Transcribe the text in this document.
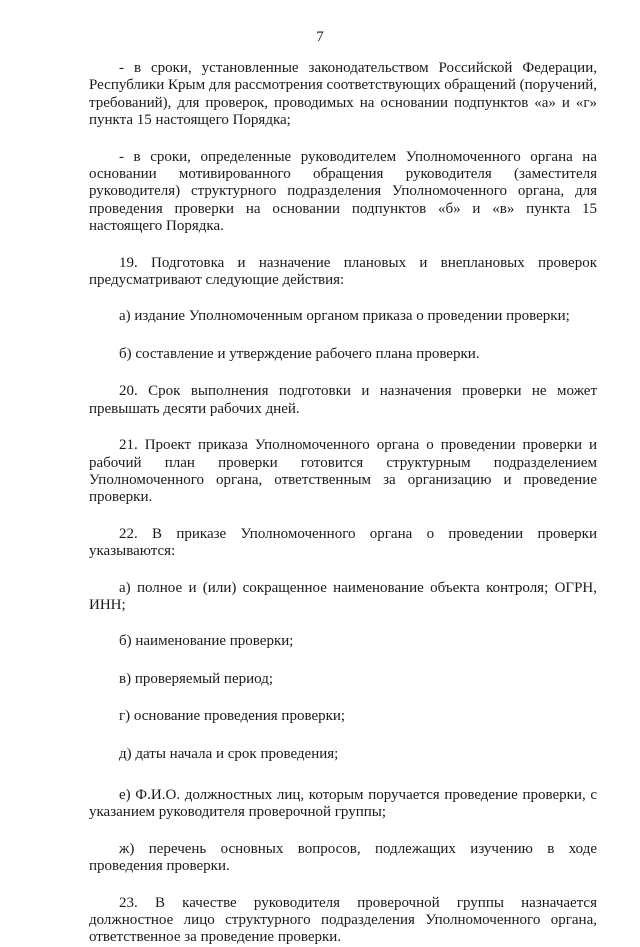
7

- в сроки, установленные законодательством Российской Федерации, Республики Крым для рассмотрения соответствующих обращений (поручений, требований), для проверок, проводимых на основании подпунктов «а» и «г» пункта 15 настоящего Порядка;

- в сроки, определенные руководителем Уполномоченного органа на основании мотивированного обращения руководителя (заместителя руководителя) структурного подразделения Уполномоченного органа, для проведения проверки на основании подпунктов «б» и «в» пункта 15 настоящего Порядка.

19. Подготовка и назначение плановых и внеплановых проверок предусматривают следующие действия:

а) издание Уполномоченным органом приказа о проведении проверки;

б) составление и утверждение рабочего плана проверки.

20. Срок выполнения подготовки и назначения проверки не может превышать десяти рабочих дней.

21. Проект приказа Уполномоченного органа о проведении проверки и рабочий план проверки готовится структурным подразделением Уполномоченного органа, ответственным за организацию и проведение проверки.

22. В приказе Уполномоченного органа о проведении проверки указываются:

а) полное и (или) сокращенное наименование объекта контроля; ОГРН, ИНН;

б) наименование проверки;

в) проверяемый период;

г) основание проведения проверки;

д) даты начала и срок проведения;

е) Ф.И.О. должностных лиц, которым поручается проведение проверки, с указанием руководителя проверочной группы;

ж) перечень основных вопросов, подлежащих изучению в ходе проведения проверки.

23. В качестве руководителя проверочной группы назначается должностное лицо структурного подразделения Уполномоченного органа, ответственное за проведение проверки.
